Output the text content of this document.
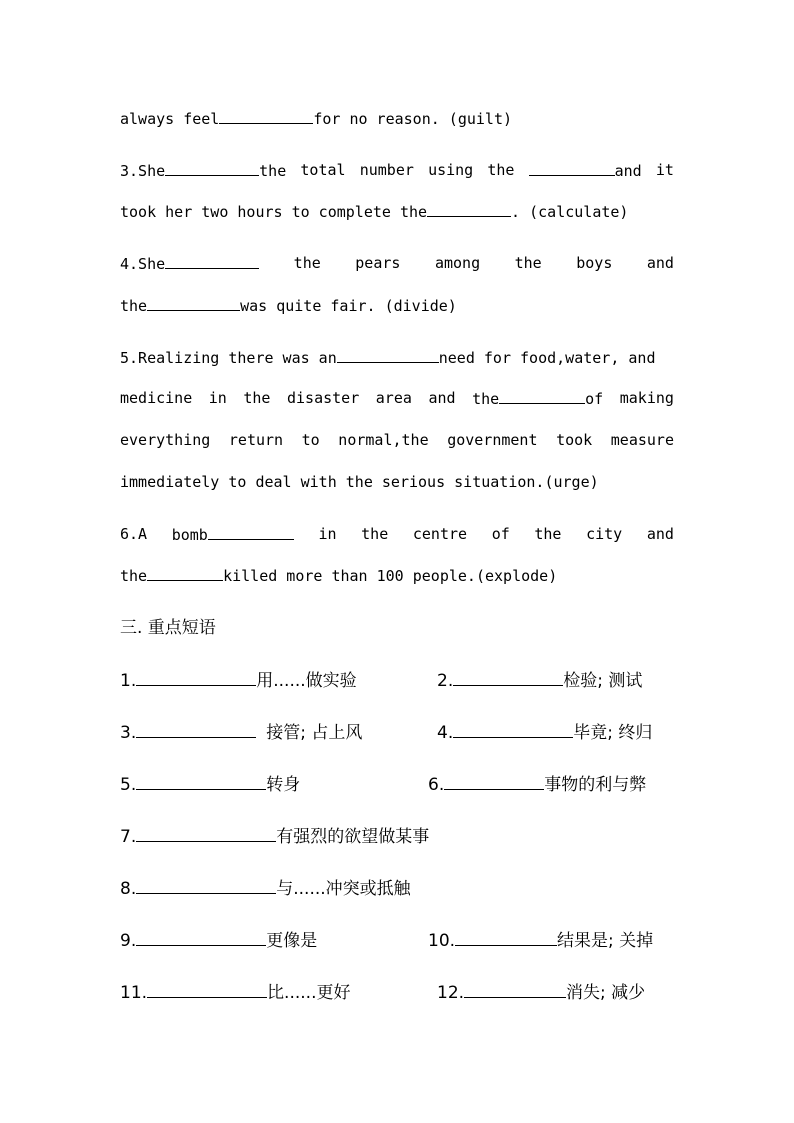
always feel	for no reason. (guilt)
3.She	the total number using the	and it
took her two hours to complete the	. (calculate)
4.She	the pears among the boys and
the	was quite fair. (divide)
5.Realizing there was an	need for food,water, and
medicine in the disaster area and the	of making
everything return to normal,the government took measure
immediately to deal with the serious situation.(urge)
6.A bomb	in the centre of the city and
the	killed more than 100 people.(explode)
三. 重点短语
1.	用......做实验	2.	检验; 测试
3.	接管; 占上风	4.	毕竟; 终归
5.	转身	6.	事物的利与弊
7.	有强烈的欲望做某事
8.	与......冲突或抵触
9.	更像是	10.	结果是; 关掉
11.	比......更好	12.	消失; 减少
